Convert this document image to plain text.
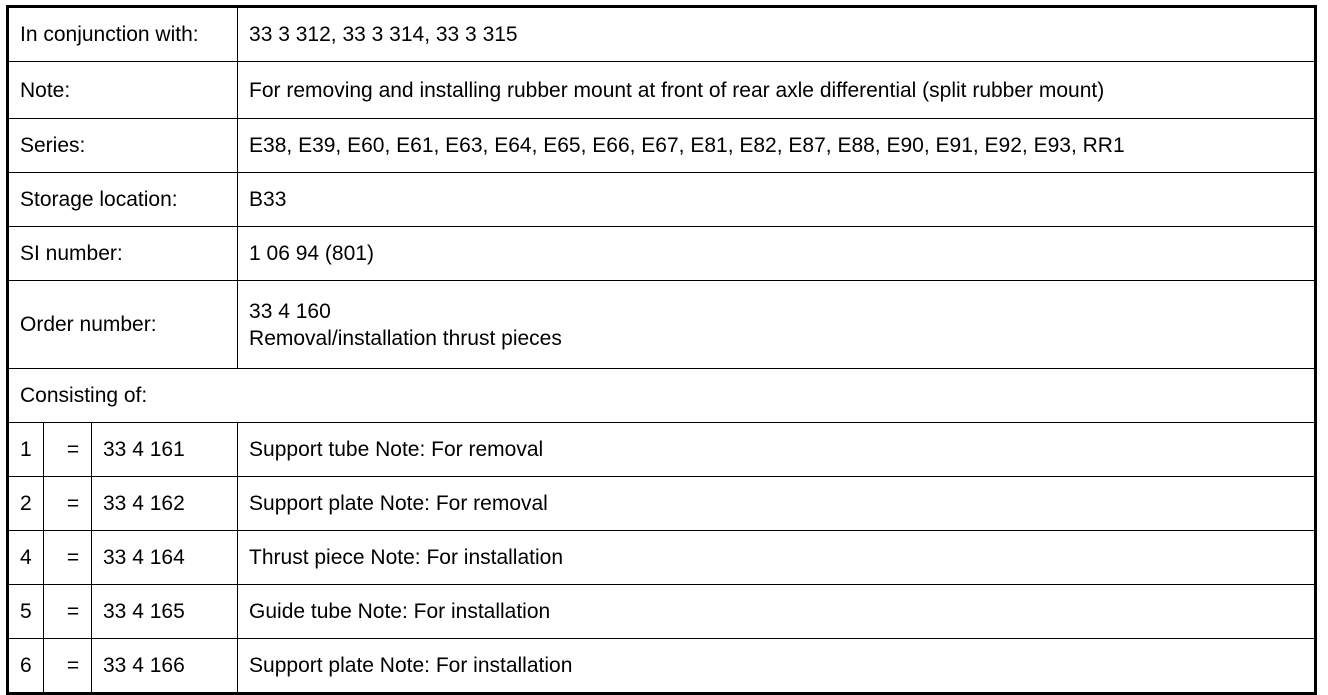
In conjunction with:			33 3 312, 33 3 314, 33 3 315
Note:			For removing and installing rubber mount at front of rear axle differential (split rubber mount)
Series:			E38, E39, E60, E61, E63, E64, E65, E66, E67, E81, E82, E87, E88, E90, E91, E92, E93, RR1
Storage location:			B33
SI number:			1 06 94 (801)
Order number:			33 4 160
Removal/installation thrust pieces

Consisting of:			
1	=	33 4 161	Support tube Note: For removal
2	=	33 4 162	Support plate Note: For removal
4	=	33 4 164	Thrust piece Note: For installation
5	=	33 4 165	Guide tube Note: For installation
6	=	33 4 166	Support plate Note: For installation
